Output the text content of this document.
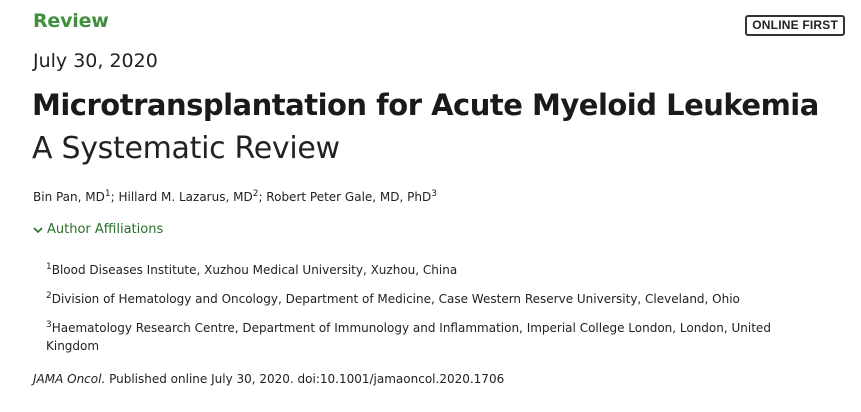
Review	ONLINE FIRST
July 30, 2020
Microtransplantation for Acute Myeloid Leukemia
A Systematic Review
Bin Pan, $MD^1$; Hillard M. Lazarus, $MD^2$; Robert Peter Gale, MD, PhD$^3$
Author Affiliations
$^1$Blood Diseases Institute, Xuzhou Medical University, Xuzhou, China
$^2$Division of Hematology and Oncology, Department of Medicine, Case Western Reserve University, Cleveland, Ohio
$^3$Haematology Research Centre, Department of Immunology and Inflammation, Imperial College London, London, United Kingdom
JAMA Oncol. Published online July 30, 2020. doi:10.1001/jamaoncol.2020.1706
